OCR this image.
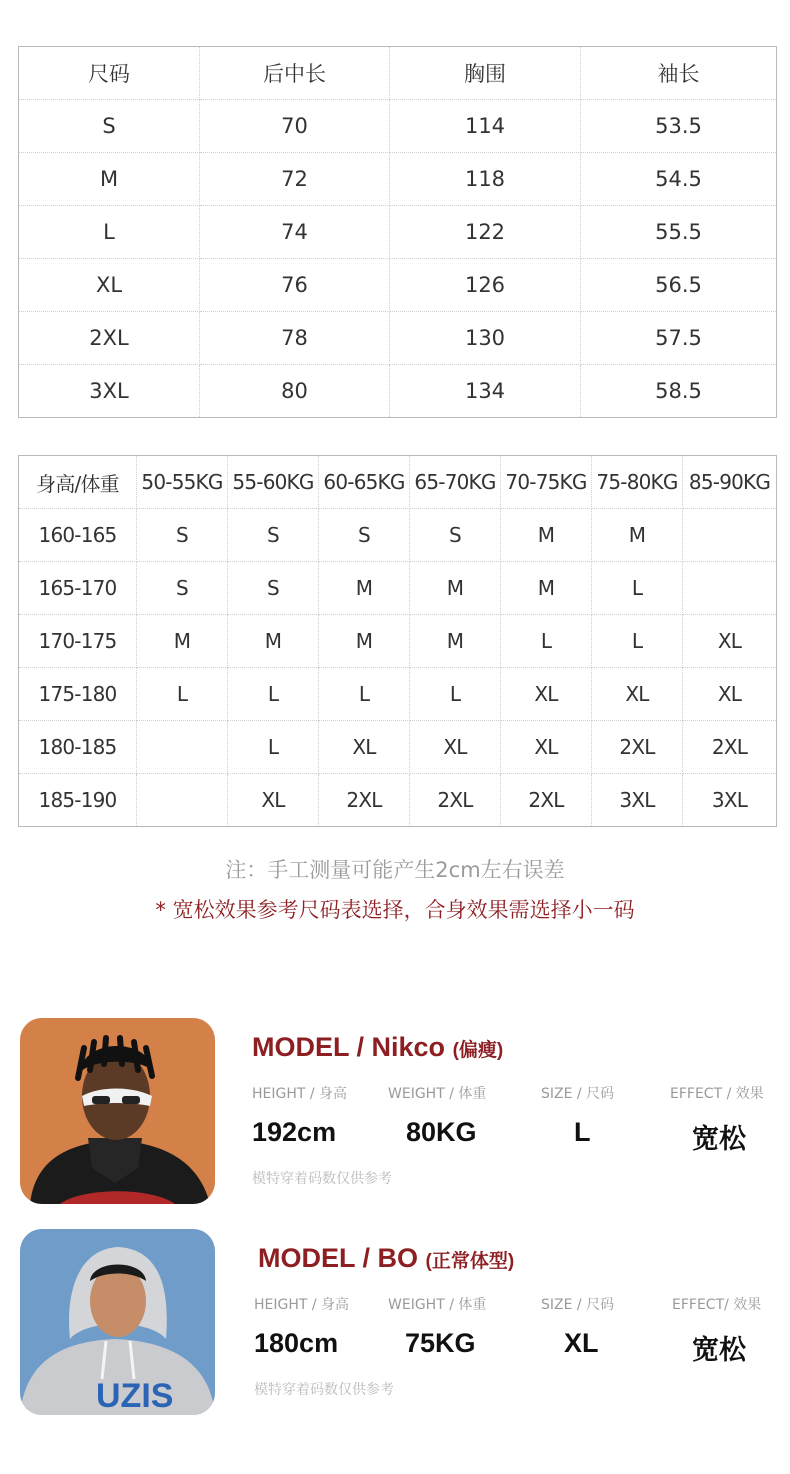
尺码	后中长	胸围	袖长
S	70	114	53.5
M	72	118	54.5
L	74	122	55.5
XL	76	126	56.5
2XL	78	130	57.5
3XL	80	134	58.5
身高/体重	50-55KG	55-60KG	60-65KG	65-70KG	70-75KG	75-80KG	85-90KG
160-165	S	S	S	S	M	M	
165-170	S	S	M	M	M	L	
170-175	M	M	M	M	L	L	XL
175-180	L	L	L	L	XL	XL	XL
180-185		L	XL	XL	XL	2XL	2XL
185-190		XL	2XL	2XL	2XL	3XL	3XL
注：手工测量可能产生2cm左右误差
* 宽松效果参考尺码表选择，合身效果需选择小一码
MODEL / Nikco (偏瘦)
HEIGHT / 身高	WEIGHT / 体重	SIZE / 尺码	EFFECT / 效果
192cm	80KG	L	宽松
模特穿着码数仅供参考
UZIS
MODEL / BO (正常体型)
HEIGHT / 身高	WEIGHT / 体重	SIZE / 尺码	EFFECT/ 效果
180cm 75KG	XL	宽松
模特穿着码数仅供参考
